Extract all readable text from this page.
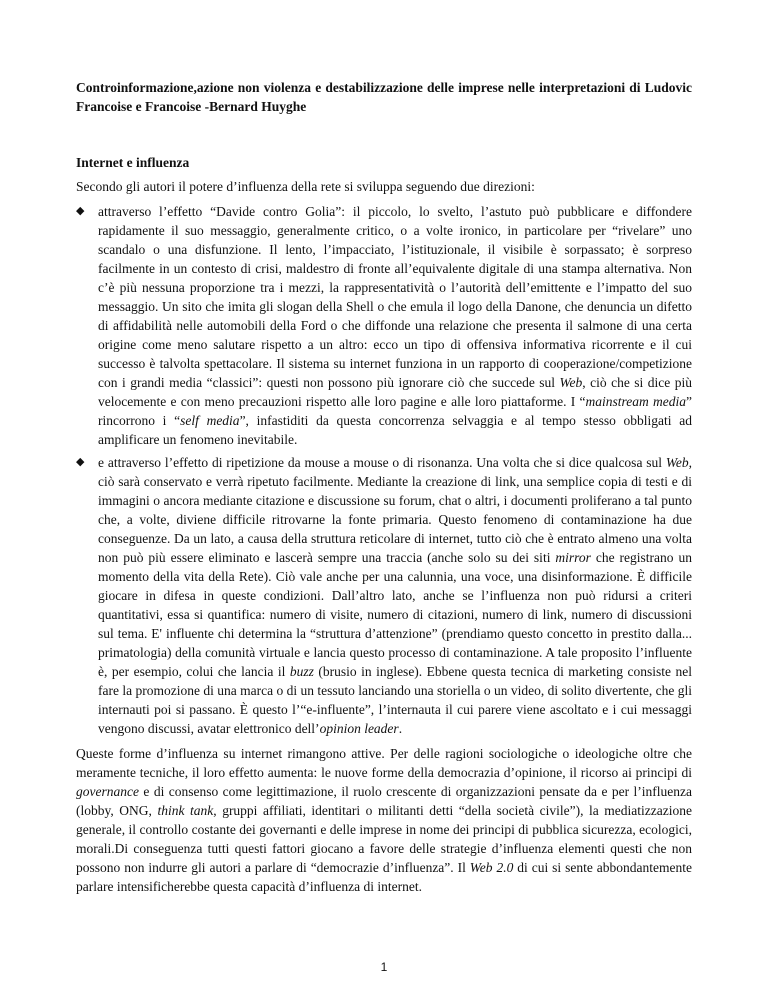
Controinformazione,azione non violenza e destabilizzazione delle imprese nelle interpretazioni di Ludovic Francoise e Francoise -Bernard Huyghe

Internet e influenza

Secondo gli autori il potere d’influenza della rete si sviluppa seguendo due direzioni:

◆ attraverso l’effetto “Davide contro Golia”: il piccolo, lo svelto, l’astuto può pubblicare e diffondere rapidamente il suo messaggio, generalmente critico, o a volte ironico, in particolare per “rivelare” uno scandalo o una disfunzione. Il lento, l’impacciato, l’istituzionale, il visibile è sorpassato; è sorpreso facilmente in un contesto di crisi, maldestro di fronte all’equivalente digitale di una stampa alternativa. Non c’è più nessuna proporzione tra i mezzi, la rappresentatività o l’autorità dell’emittente e l’impatto del suo messaggio. Un sito che imita gli slogan della Shell o che emula il logo della Danone, che denuncia un difetto di affidabilità nelle automobili della Ford o che diffonde una relazione che presenta il salmone di una certa origine come meno salutare rispetto a un altro: ecco un tipo di offensiva informativa ricorrente e il cui successo è talvolta spettacolare. Il sistema su internet funziona in un rapporto di cooperazione/competizione con i grandi media “classici”: questi non possono più ignorare ciò che succede sul Web, ciò che si dice più velocemente e con meno precauzioni rispetto alle loro pagine e alle loro piattaforme. I “mainstream media” rincorrono i “self media”, infastiditi da questa concorrenza selvaggia e al tempo stesso obbligati ad amplificare un fenomeno inevitabile.
◆ e attraverso l’effetto di ripetizione da mouse a mouse o di risonanza. Una volta che si dice qualcosa sul Web, ciò sarà conservato e verrà ripetuto facilmente. Mediante la creazione di link, una semplice copia di testi e di immagini o ancora mediante citazione e discussione su forum, chat o altri, i documenti proliferano a tal punto che, a volte, diviene difficile ritrovarne la fonte primaria. Questo fenomeno di contaminazione ha due conseguenze. Da un lato, a causa della struttura reticolare di internet, tutto ciò che è entrato almeno una volta non può più essere eliminato e lascerà sempre una traccia (anche solo su dei siti mirror che registrano un momento della vita della Rete). Ciò vale anche per una calunnia, una voce, una disinformazione. È difficile giocare in difesa in queste condizioni. Dall’altro lato, anche se l’influenza non può ridursi a criteri quantitativi, essa si quantifica: numero di visite, numero di citazioni, numero di link, numero di discussioni sul tema. E' influente chi determina la “struttura d’attenzione” (prendiamo questo concetto in prestito dalla... primatologia) della comunità virtuale e lancia questo processo di contaminazione. A tale proposito l’influente è, per esempio, colui che lancia il buzz (brusio in inglese). Ebbene questa tecnica di marketing consiste nel fare la promozione di una marca o di un tessuto lanciando una storiella o un video, di solito divertente, che gli internauti poi si passano. È questo l’“e-influente”, l’internauta il cui parere viene ascoltato e i cui messaggi vengono discussi, avatar elettronico dell’opinion leader.

Queste forme d’influenza su internet rimangono attive. Per delle ragioni sociologiche o ideologiche oltre che meramente tecniche, il loro effetto aumenta: le nuove forme della democrazia d’opinione, il ricorso ai principi di governance e di consenso come legittimazione, il ruolo crescente di organizzazioni pensate da e per l’influenza (lobby, ONG, think tank, gruppi affiliati, identitari o militanti detti “della società civile”), la mediatizzazione generale, il controllo costante dei governanti e delle imprese in nome dei principi di pubblica sicurezza, ecologici, morali.Di conseguenza tutti questi fattori giocano a favore delle strategie d’influenza elementi questi che non possono non indurre gli autori a parlare di “democrazie d’influenza”. Il Web 2.0 di cui si sente abbondantemente parlare intensificherebbe questa capacità d’influenza di internet.

1
